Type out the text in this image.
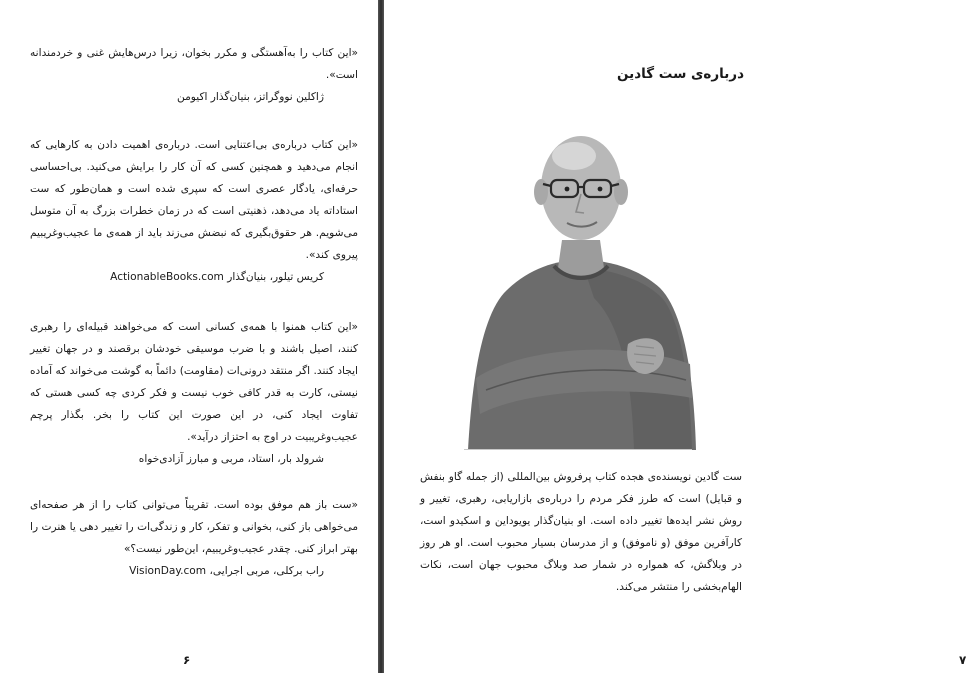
«این کتاب را به‌آهستگی و مکرر بخوان، زیرا درس‌هایش غنی و خردمندانه است».

ژاکلین نووگراتز، بنیان‌گذار اکیومن

«این کتاب درباره‌ی بی‌اعتنایی است. درباره‌ی اهمیت دادن به کارهایی که انجام می‌دهید و همچنین کسی که آن کار را برایش می‌کنید. بی‌احساسی حرفه‌ای، یادگار عصری است که سپری شده است و همان‌طور که ست استاداته یاد می‌دهد، ذهنیتی است که در زمان خطرات بزرگ به آن متوسل می‌شویم. هر حقوق‌بگیری که نبضش می‌زند باید از همه‌ی ما عجیب‌وغریبیم پیروی کند».

کریس تیلور، بنیان‌گذار ActionableBooks.com

«این کتاب همنوا با همه‌ی کسانی است که می‌خواهند قبیله‌ای را رهبری کنند، اصیل باشند و با ضرب موسیقی خودشان برقصند و در جهان تغییر ایجاد کنند. اگر منتقد درونی‌ات (مقاومت) دائماً به گوشت می‌خواند که آماده نیستی، کارت به قدر کافی خوب نیست و فکر کردی چه کسی هستی که تفاوت ایجاد کنی، در این صورت این کتاب را بخر. بگذار پرچم عجیب‌وغریبیت در اوج به احتزاز درآید».

شرولد بار، استاد، مربی و مبارز آزادی‌خواه

«ست باز هم موفق بوده است. تقریباً می‌توانی کتاب را از هر صفحه‌ای می‌خواهی باز کنی، بخوانی و تفکر، کار و زندگی‌ات را تغییر دهی یا هنرت را بهتر ابراز کنی. چقدر عجیب‌وغریبیم، این‌طور نیست؟»

راب برکلی، مربی اجرایی، VisionDay.com

۶
درباره‌ی ست گادین

ست گادین نویسنده‌ی هجده کتاب پرفروش بین‌المللی (از جمله گاو بنفش و قبایل) است که طرز فکر مردم را درباره‌ی بازاریابی، رهبری، تغییر و روش نشر ایده‌ها تغییر داده است. او بنیان‌گذار یویوداین و اسکیدو است، کارآفرین موفق (و ناموفق) و از مدرسان بسیار محبوب است. او هر روز در وبلاگش، که همواره در شمار صد وبلاگ محبوب جهان است، نکات الهام‌بخشی را منتشر می‌کند.

۷
